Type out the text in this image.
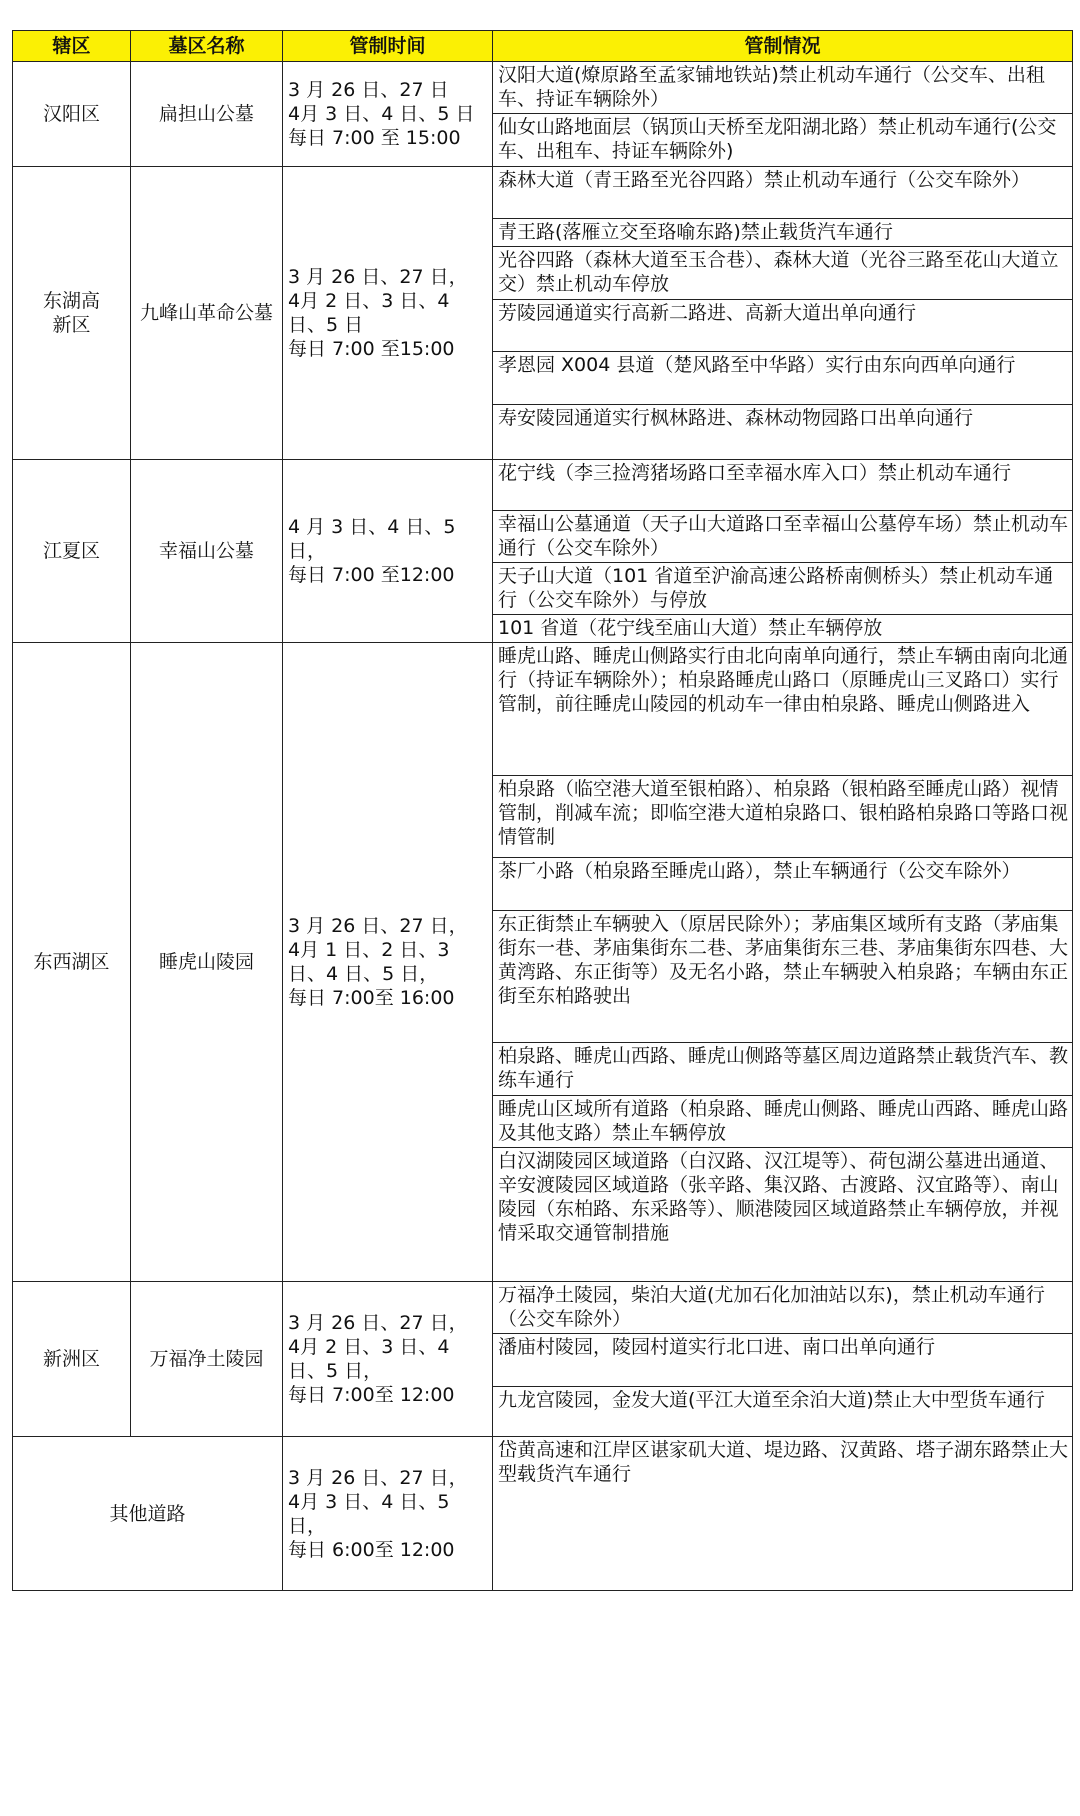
辖区	墓区名称	管制时间	管制情况
汉阳区	扁担山公墓	3 月 26 日、27 日
4月 3 日、4 日、5 日
每日 7:00 至 15:00	汉阳大道(燎原路至孟家铺地铁站)禁止机动车通行（公交车、出租车、持证车辆除外）
			仙女山路地面层（锅顶山天桥至龙阳湖北路）禁止机动车通行(公交车、出租车、持证车辆除外)
东湖高
新区	九峰山革命公墓	3 月 26 日、27 日，
4月 2 日、3 日、4 日、5 日
每日 7:00 至15:00	森林大道（青王路至光谷四路）禁止机动车通行（公交车除外）
			青王路(落雁立交至珞喻东路)禁止载货汽车通行
			光谷四路（森林大道至玉合巷）、森林大道（光谷三路至花山大道立交）禁止机动车停放
			芳陵园通道实行高新二路进、高新大道出单向通行
			孝恩园 X004 县道（楚风路至中华路）实行由东向西单向通行
			寿安陵园通道实行枫林路进、森林动物园路口出单向通行
江夏区	幸福山公墓	4 月 3 日、4 日、5日，
每日 7:00 至12:00	花宁线（李三捡湾猪场路口至幸福水库入口）禁止机动车通行
			幸福山公墓通道（天子山大道路口至幸福山公墓停车场）禁止机动车通行（公交车除外）
			天子山大道（101 省道至沪渝高速公路桥南侧桥头）禁止机动车通行（公交车除外）与停放
			101 省道（花宁线至庙山大道）禁止车辆停放
东西湖区	睡虎山陵园	3 月 26 日、27 日，
4月 1 日、2 日、3 日、4 日、5 日，
每日 7:00至 16:00	睡虎山路、睡虎山侧路实行由北向南单向通行，禁止车辆由南向北通行（持证车辆除外）；柏泉路睡虎山路口（原睡虎山三叉路口）实行管制，前往睡虎山陵园的机动车一律由柏泉路、睡虎山侧路进入
			柏泉路（临空港大道至银柏路）、柏泉路（银柏路至睡虎山路）视情管制，削减车流；即临空港大道柏泉路口、银柏路柏泉路口等路口视情管制
			茶厂小路（柏泉路至睡虎山路），禁止车辆通行（公交车除外）
			东正街禁止车辆驶入（原居民除外）；茅庙集区域所有支路（茅庙集街东一巷、茅庙集街东二巷、茅庙集街东三巷、茅庙集街东四巷、大黄湾路、东正街等）及无名小路，禁止车辆驶入柏泉路；车辆由东正街至东柏路驶出
			柏泉路、睡虎山西路、睡虎山侧路等墓区周边道路禁止载货汽车、教练车通行
			睡虎山区域所有道路（柏泉路、睡虎山侧路、睡虎山西路、睡虎山路及其他支路）禁止车辆停放
			白汉湖陵园区域道路（白汉路、汉江堤等）、荷包湖公墓进出通道、辛安渡陵园区域道路（张辛路、集汉路、古渡路、汉宜路等）、南山陵园（东柏路、东采路等）、顺港陵园区域道路禁止车辆停放，并视情采取交通管制措施
新洲区	万福净土陵园	3 月 26 日、27 日，
4月 2 日、3 日、4 日、5 日，
每日 7:00至 12:00	万福净土陵园，柴泊大道(尤加石化加油站以东)，禁止机动车通行（公交车除外）
			潘庙村陵园，陵园村道实行北口进、南口出单向通行
			九龙宫陵园，金发大道(平江大道至余泊大道)禁止大中型货车通行
其他道路		3 月 26 日、27 日，
4月 3 日、4 日、5 日，
每日 6:00至 12:00	岱黄高速和江岸区谌家矶大道、堤边路、汉黄路、塔子湖东路禁止大型载货汽车通行
